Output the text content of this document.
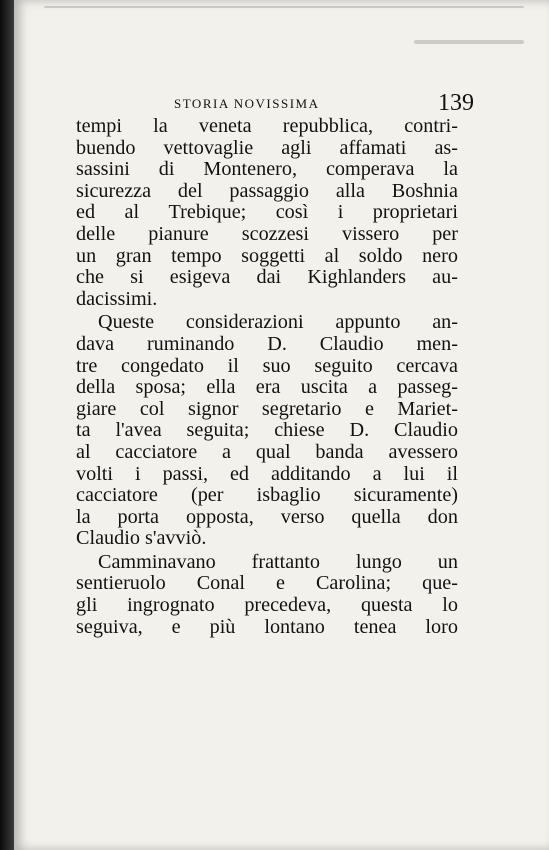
STORIA NOVISSIMA	139
tempi la veneta repubblica, contri-
buendo vettovaglie agli affamati as-
sassini di Montenero, comperava la
sicurezza del passaggio alla Boshnia
ed al Trebique; così i proprietari
delle pianure scozzesi vissero per
un gran tempo soggetti al soldo nero
che si esigeva dai Kighlanders au-
dacissimi.
Queste considerazioni appunto an-
dava ruminando D. Claudio men-
tre congedato il suo seguito cercava
della sposa; ella era uscita a passeg-
giare col signor segretario e Mariet-
ta l'avea seguita; chiese D. Claudio
al cacciatore a qual banda avessero
volti i passi, ed additando a lui il
cacciatore (per isbaglio sicuramente)
la porta opposta, verso quella don
Claudio s'avviò.
Camminavano frattanto lungo un
sentieruolo Conal e Carolina; que-
gli ingrognato precedeva, questa lo
seguiva, e più lontano tenea loro
